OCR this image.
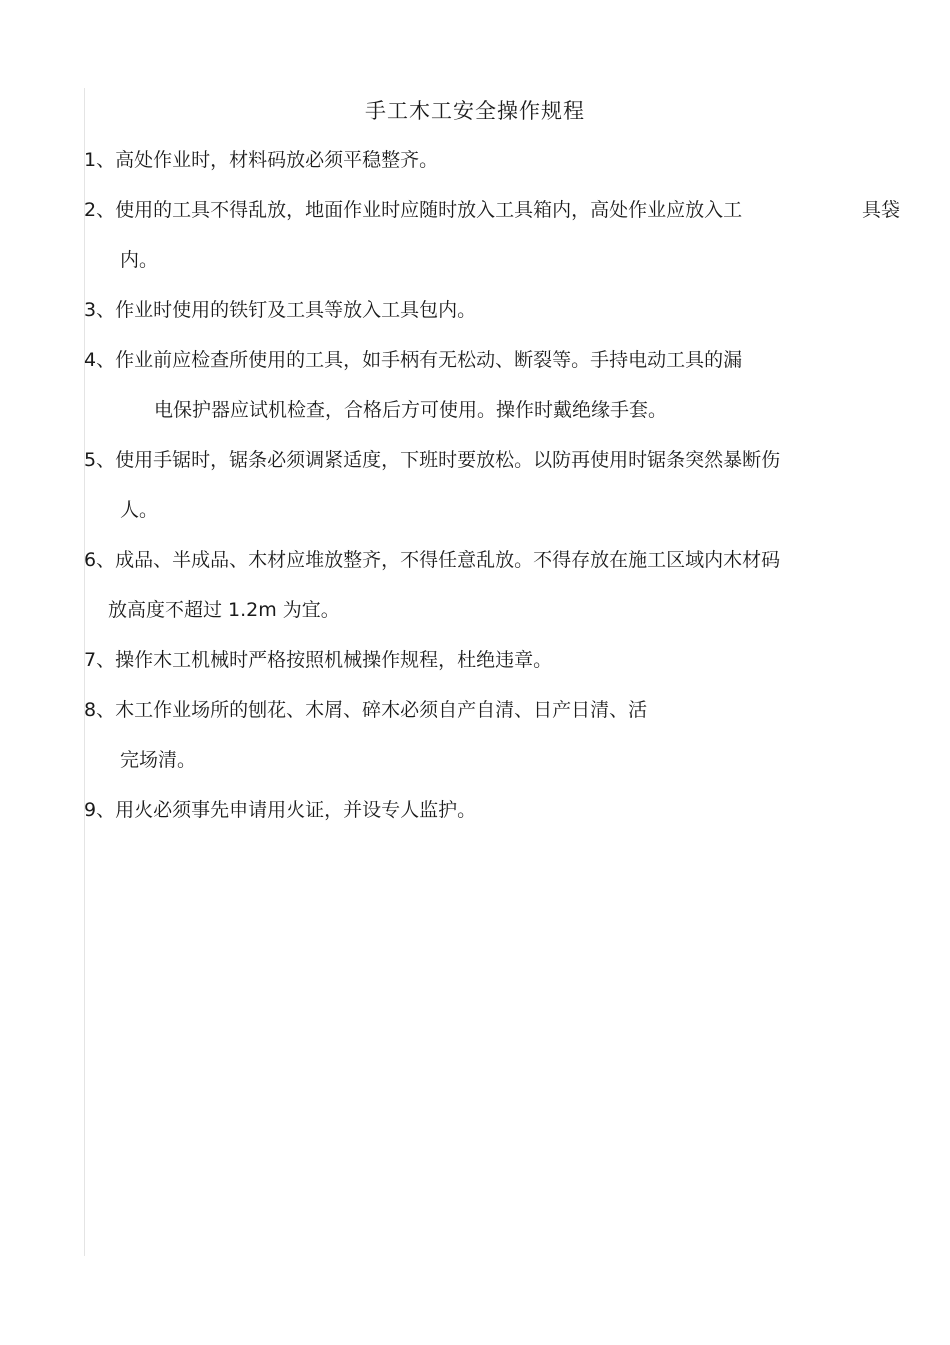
手工木工安全操作规程
1、高处作业时，材料码放必须平稳整齐。
2、使用的工具不得乱放，地面作业时应随时放入工具箱内，高处作业应放入工	具袋
内。
3、作业时使用的铁钉及工具等放入工具包内。
4、作业前应检查所使用的工具，如手柄有无松动、断裂等。手持电动工具的漏
电保护器应试机检查，合格后方可使用。操作时戴绝缘手套。
5、使用手锯时，锯条必须调紧适度，下班时要放松。以防再使用时锯条突然暴断伤
人。
6、成品、半成品、木材应堆放整齐，不得任意乱放。不得存放在施工区域内木材码
放高度不超过 1.2m 为宜。
7、操作木工机械时严格按照机械操作规程，杜绝违章。
8、木工作业场所的刨花、木屑、碎木必须自产自清、日产日清、活
完场清。
9、用火必须事先申请用火证，并设专人监护。
